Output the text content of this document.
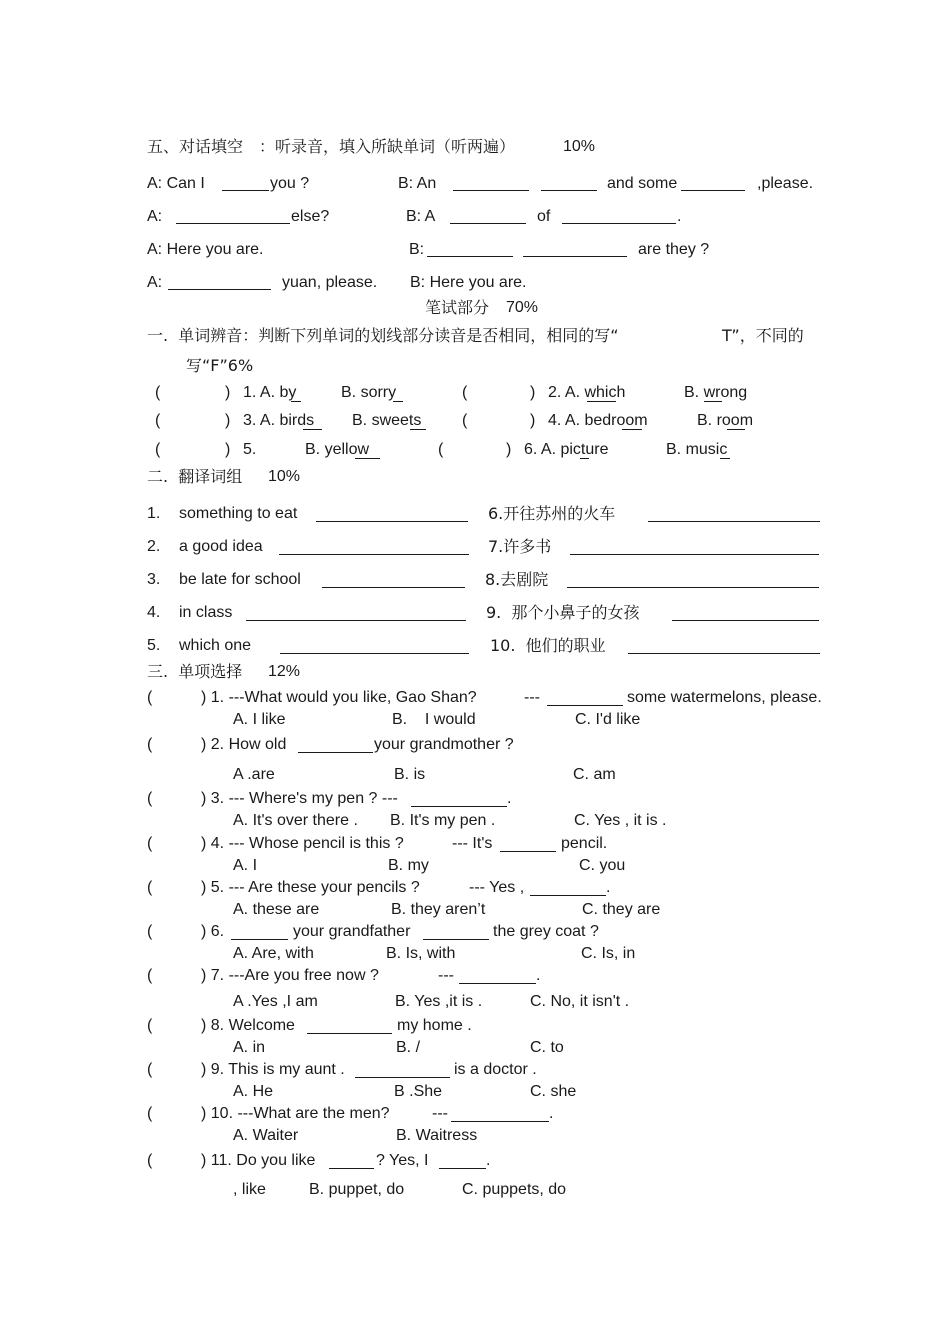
五、对话填空　：听录音，填入所缺单词（听两遍）	10%
A: Can I	you ?	B: An	and some	,please.
A:	else?	B: A	of	.
A: Here you are.	B:	are they ?
A:	yuan, please. B: Here you are.
笔试部分 70%
一.  单词辨音：判断下列单词的划线部分读音是否相同，相同的写“	T”，不同的
写“F”6%
(	) 1. A. by	B. sorry	(	) 2. A. which	B. wrong
(	) 3. A. birds B. sweets	(	) 4. A. bedroom	B. room
(	) 5.	B. yellow	(	) 6. A. picture	B. music
二.  翻译词组 10%
1. something to eat	6.开往苏州的火车
2. a good idea	7.许多书
3. be late for school	8.去剧院
4. in class	9.  那个小鼻子的女孩
5. which one	10.  他们的职业
三.  单项选择 12%
(	) 1. ---What would you like, Gao Shan?	---	some watermelons, please.
A. I like	B.    I would	C. I'd like
(	) 2. How old	your grandmother ?
A .are	B. is	C. am
(	) 3. --- Where's my pen ? ---	.
A. It's over there . B. It's my pen .	C. Yes , it is .
(	) 4. --- Whose pencil is this ?	--- It's	pencil.
A. I	B. my	C. you
(	) 5. --- Are these your pencils ?	--- Yes ,	.
A. these are	B. they aren’t	C. they are
(	) 6.	your grandfather	the grey coat ?
A. Are, with	B. Is, with	C. Is, in
(	) 7. ---Are you free now ?	---	.
A .Yes ,I am	B. Yes ,it is .	C. No, it isn't .
(	) 8. Welcome	my home .
A. in	B. /	C. to
(	) 9. This is my aunt .	is a doctor .
A. He	B .She	C. she
(	) 10. ---What are the men?	---	.
A. Waiter	B. Waitress
(	) 11. Do you like	? Yes, I	.
, like	B. puppet, do	C. puppets, do
